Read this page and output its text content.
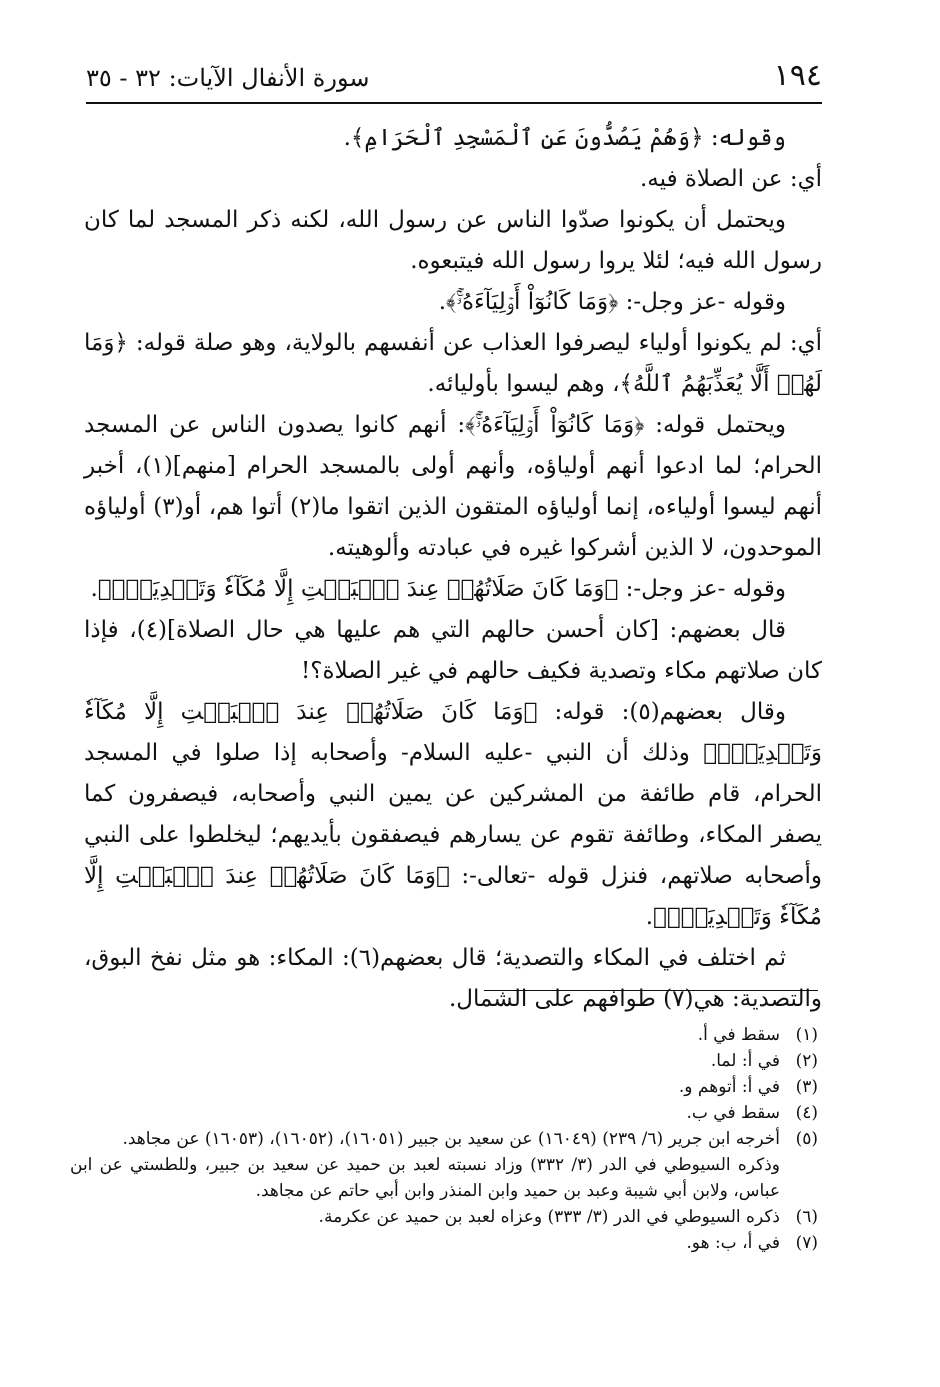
١٩٤
سورة الأنفال الآيات: ٣٢ - ٣٥

وقوله: ﴿وَهُمْ يَصُدُّونَ عَنِ ٱلْمَسْجِدِ ٱلْحَرَامِ﴾.

أي: عن الصلاة فيه.

ويحتمل أن يكونوا صدّوا الناس عن رسول الله، لكنه ذكر المسجد لما كان رسول الله فيه؛ لئلا يروا رسول الله فيتبعوه.

وقوله -عز وجل-: ﴿وَمَا كَانُوٓاْ أَوۡلِيَآءَهُۥٓۚ﴾.

أي: لم يكونوا أولياء ليصرفوا العذاب عن أنفسهم بالولاية، وهو صلة قوله: ﴿وَمَا لَهُمۡ أَلَّا يُعَذِّبَهُمُ ٱللَّهُ﴾، وهم ليسوا بأوليائه.

ويحتمل قوله: ﴿وَمَا كَانُوٓاْ أَوۡلِيَآءَهُۥٓۚ﴾: أنهم كانوا يصدون الناس عن المسجد الحرام؛ لما ادعوا أنهم أولياؤه، وأنهم أولى بالمسجد الحرام [منهم](١)، أخبر أنهم ليسوا أولياءه، إنما أولياؤه المتقون الذين اتقوا ما(٢) أتوا هم، أو(٣) أولياؤه الموحدون، لا الذين أشركوا غيره في عبادته وألوهيته.

وقوله -عز وجل-: ﴿وَمَا كَانَ صَلَاتُهُمۡ عِندَ ٱلۡبَيۡتِ إِلَّا مُكَآءٗ وَتَصۡدِيَةٗۚ﴾.

قال بعضهم: [كان أحسن حالهم التي هم عليها هي حال الصلاة](٤)، فإذا كان صلاتهم مكاء وتصدية فكيف حالهم في غير الصلاة؟!

وقال بعضهم(٥): قوله: ﴿وَمَا كَانَ صَلَاتُهُمۡ عِندَ ٱلۡبَيۡتِ إِلَّا مُكَآءٗ وَتَصۡدِيَةٗۚ﴾ وذلك أن النبي -عليه السلام- وأصحابه إذا صلوا في المسجد الحرام، قام طائفة من المشركين عن يمين النبي وأصحابه، فيصفرون كما يصفر المكاء، وطائفة تقوم عن يسارهم فيصفقون بأيديهم؛ ليخلطوا على النبي وأصحابه صلاتهم، فنزل قوله -تعالى-: ﴿وَمَا كَانَ صَلَاتُهُمۡ عِندَ ٱلۡبَيۡتِ إِلَّا مُكَآءٗ وَتَصۡدِيَةٗۚ﴾.

ثم اختلف في المكاء والتصدية؛ قال بعضهم(٦): المكاء: هو مثل نفخ البوق، والتصدية: هي(٧) طوافهم على الشمال.

(١)
سقط في أ.
(٢)
في أ: لما.
(٣)
في أ: أتوهم و.
(٤)
سقط في ب.
(٥)
أخرجه ابن جرير (٦/ ٢٣٩) (١٦٠٤٩) عن سعيد بن جبير (١٦٠٥١)، (١٦٠٥٢)، (١٦٠٥٣) عن مجاهد.
وذكره السيوطي في الدر (٣/ ٣٣٢) وزاد نسبته لعبد بن حميد عن سعيد بن جبير، وللطستي عن ابن عباس، ولابن أبي شيبة وعبد بن حميد وابن المنذر وابن أبي حاتم عن مجاهد.
(٦)
ذكره السيوطي في الدر (٣/ ٣٣٣) وعزاه لعبد بن حميد عن عكرمة.
(٧)
في أ، ب: هو.
